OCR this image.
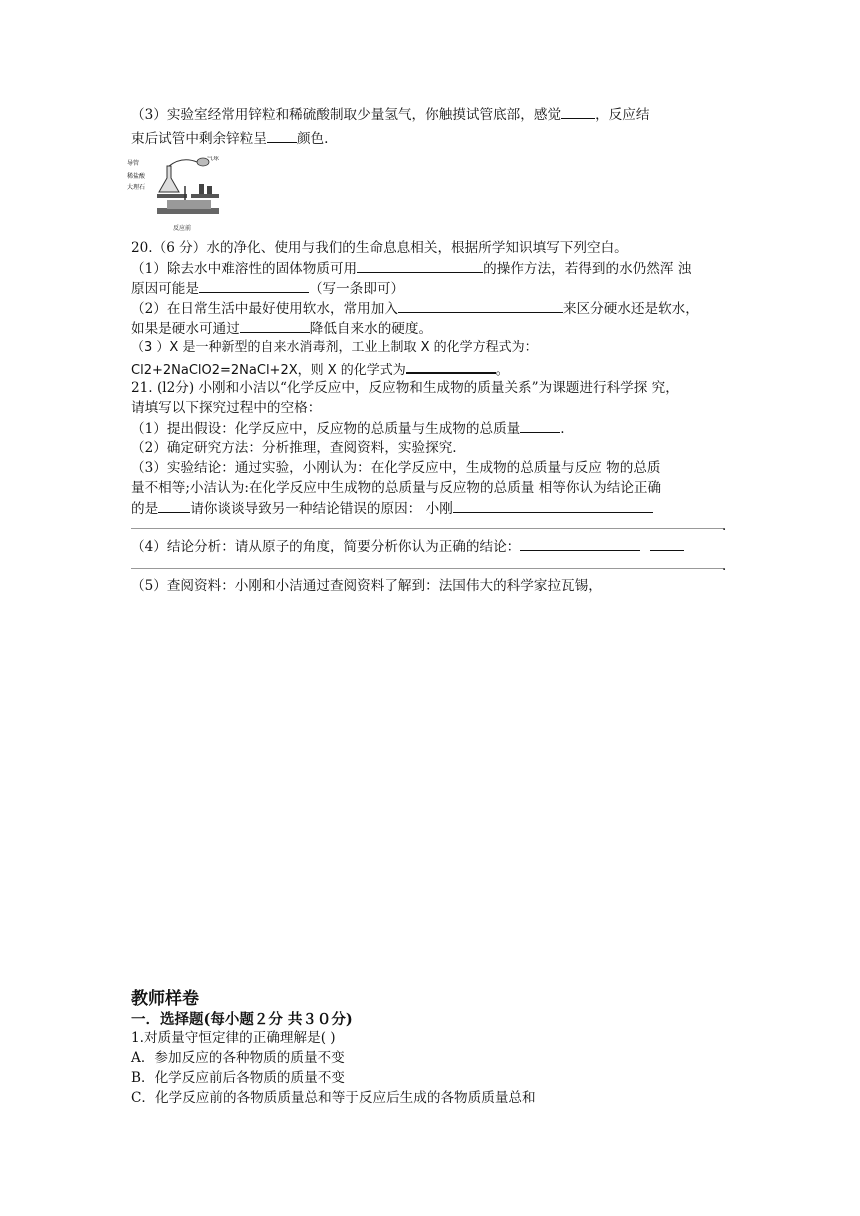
（3）实验室经常用锌粒和稀硫酸制取少量氢气，你触摸试管底部，感觉	，反应结
束后试管中剩余锌粒呈 颜色.
导管
气球
稀盐酸
大理石
反应前
20.（6 分）水的净化、使用与我们的生命息息相关，根据所学知识填写下列空白。
（1）除去水中难溶性的固体物质可用	的操作方法，若得到的水仍然浑 浊
原因可能是	（写一条即可）
（2）在日常生活中最好使用软水，常用加入	来区分硬水还是软水，
如果是硬水可通过	降低自来水的硬度。
（3 ）X 是一种新型的自来水消毒剂，工业上制取 X 的化学方程式为：
Cl2+2NaClO2=2NaCl+2X，则 X 的化学式为	。
21. (l2分) 小刚和小洁以“化学反应中，反应物和生成物的质量关系”为课题进行科学探 究，
请填写以下探究过程中的空格：
（1）提出假设：化学反应中，反应物的总质量与生成物的总质量	.
（2）确定研究方法：分析推理，查阅资料，实验探究.
（3）实验结论：通过实验，小刚认为：在化学反应中，生成物的总质量与反应 物的总质
量不相等;小洁认为:在化学反应中生成物的总质量与反应物的总质量 相等你认为结论正确
的是 请你谈谈导致另一种结论错误的原因： 小刚
.
（4）结论分析：请从原子的角度，简要分析你认为正确的结论：
.
（5）查阅资料：小刚和小洁通过查阅资料了解到：法国伟大的科学家拉瓦锡，
教师样卷
一．选择题(每小题２分 共３０分)
1.对质量守恒定律的正确理解是( )
A．参加反应的各种物质的质量不变
B．化学反应前后各物质的质量不变
C．化学反应前的各物质质量总和等于反应后生成的各物质质量总和
